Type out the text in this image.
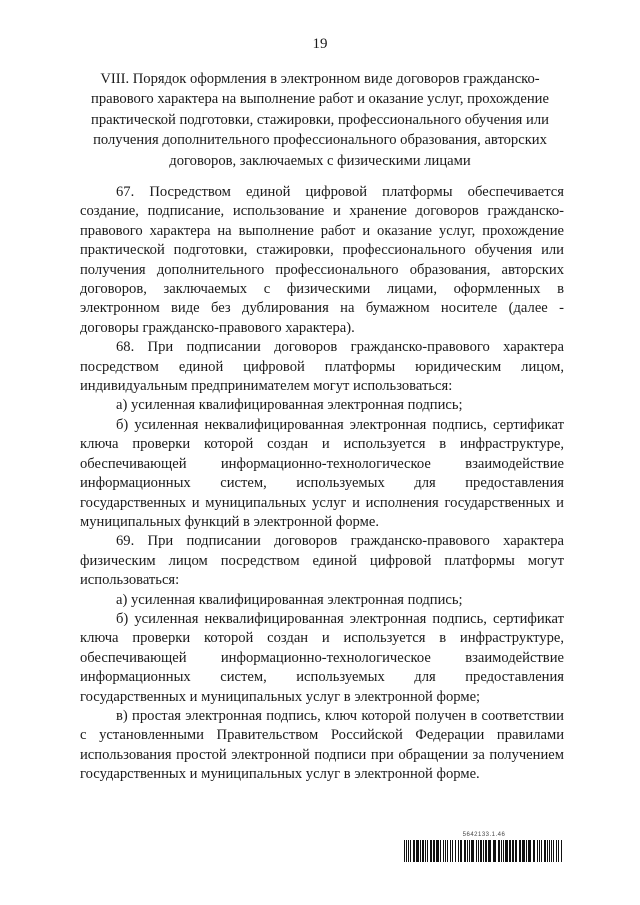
19
VIII. Порядок оформления в электронном виде договоров гражданско-правового характера на выполнение работ и оказание услуг, прохождение практической подготовки, стажировки, профессионального обучения или получения дополнительного профессионального образования, авторских договоров, заключаемых с физическими лицами

67. Посредством единой цифровой платформы обеспечивается создание, подписание, использование и хранение договоров гражданско-правового характера на выполнение работ и оказание услуг, прохождение практической подготовки, стажировки, профессионального обучения или получения дополнительного профессионального образования, авторских договоров, заключаемых с физическими лицами, оформленных в электронном виде без дублирования на бумажном носителе (далее - договоры гражданско-правового характера).

68. При подписании договоров гражданско-правового характера посредством единой цифровой платформы юридическим лицом, индивидуальным предпринимателем могут использоваться:

а) усиленная квалифицированная электронная подпись;

б) усиленная неквалифицированная электронная подпись, сертификат ключа проверки которой создан и используется в инфраструктуре, обеспечивающей информационно-технологическое взаимодействие информационных систем, используемых для предоставления государственных и муниципальных услуг и исполнения государственных и муниципальных функций в электронной форме.

69. При подписании договоров гражданско-правового характера физическим лицом посредством единой цифровой платформы могут использоваться:

а) усиленная квалифицированная электронная подпись;

б) усиленная неквалифицированная электронная подпись, сертификат ключа проверки которой создан и используется в инфраструктуре, обеспечивающей информационно-технологическое взаимодействие информационных систем, используемых для предоставления государственных и муниципальных услуг в электронной форме;

в) простая электронная подпись, ключ которой получен в соответствии с установленными Правительством Российской Федерации правилами использования простой электронной подписи при обращении за получением государственных и муниципальных услуг в электронной форме.

5642133.1.46
